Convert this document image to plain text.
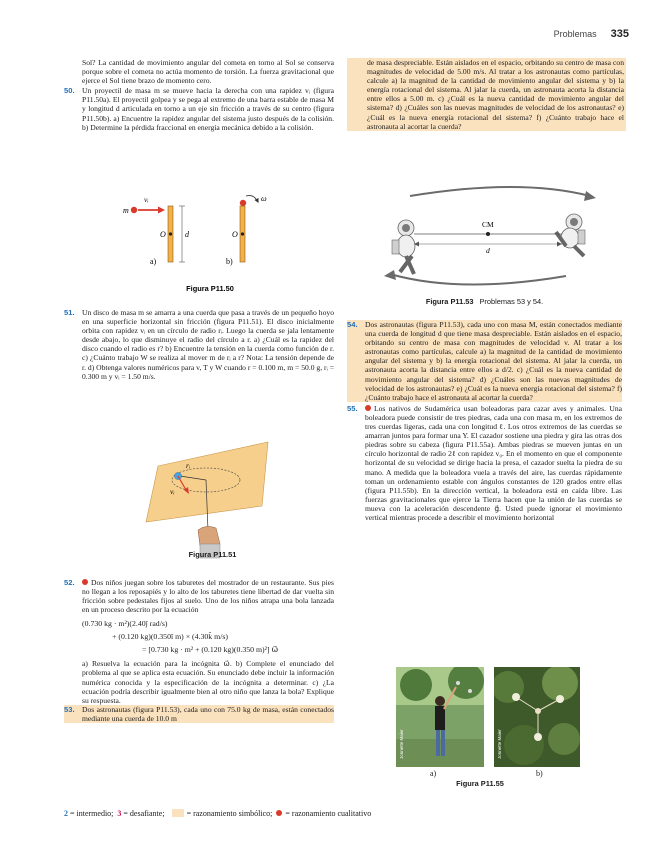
Problemas 335
Sol? La cantidad de movimiento angular del cometa en torno al Sol se conserva porque sobre el cometa no actúa momento de torsión. La fuerza gravitacional que ejerce el Sol tiene brazo de momento cero.
50. Un proyectil de masa m se mueve hacia la derecha con una rapidez vᵢ (figura P11.50a). El proyectil golpea y se pega al extremo de una barra estable de masa M y longitud d articulada en torno a un eje sin fricción a través de su centro (figura P11.50b). a) Encuentre la rapidez angular del sistema justo después de la colisión. b) Determine la pérdida fraccional en energía mecánica debido a la colisión.
m
vᵢ
O d
a)
O
ω
b)
Figura P11.50
51. Un disco de masa m se amarra a una cuerda que pasa a través de un pequeño hoyo en una superficie horizontal sin fricción (figura P11.51). El disco inicialmente orbita con rapidez vᵢ en un círculo de radio rᵢ. Luego la cuerda se jala lentamente desde abajo, lo que disminuye el radio del círculo a r. a) ¿Cuál es la rapidez del disco cuando el radio es r? b) Encuentre la tensión en la cuerda como función de r. c) ¿Cuánto trabajo W se realiza al mover m de rᵢ a r? Nota: La tensión depende de r. d) Obtenga valores numéricos para v, T y W cuando r = 0.100 m, m = 50.0 g, rᵢ = 0.300 m y vᵢ = 1.50 m/s.
rᵢ
vᵢ
Figura P11.51
52. Dos niños juegan sobre los taburetes del mostrador de un restaurante. Sus pies no llegan a los reposapiés y lo alto de los taburetes tiene libertad de dar vuelta sin fricción sobre pedestales fijos al suelo. Uno de los niños atrapa una bola lanzada en un proceso descrito por la ecuación
(0.730 kg · m²)(2.40ĵ rad/s)
+ (0.120 kg)(0.350î m) × (4.30k̂ m/s)
= [0.730 kg · m² + (0.120 kg)(0.350 m)²] ω⃗
a) Resuelva la ecuación para la incógnita ω⃗. b) Complete el enunciado del problema al que se aplica esta ecuación. Su enunciado debe incluir la información numérica conocida y la especificación de la incógnita a determinar. c) ¿La ecuación podría describir igualmente bien al otro niño que lanza la bola? Explique su respuesta.
53. Dos astronautas (figura P11.53), cada uno con 75.0 kg de masa, están conectados mediante una cuerda de 10.0 m
de masa despreciable. Están aislados en el espacio, orbitando su centro de masa con magnitudes de velocidad de 5.00 m/s. Al tratar a los astronautas como partículas, calcule a) la magnitud de la cantidad de movimiento angular del sistema y b) la energía rotacional del sistema. Al jalar la cuerda, un astronauta acorta la distancia entre ellos a 5.00 m. c) ¿Cuál es la nueva cantidad de movimiento angular del sistema? d) ¿Cuáles son las nuevas magnitudes de velocidad de los astronautas? e) ¿Cuál es la nueva energía rotacional del sistema? f) ¿Cuánto trabajo hace el astronauta al acortar la cuerda?
CM
d
Figura P11.53 Problemas 53 y 54.
54. Dos astronautas (figura P11.53), cada uno con masa M, están conectados mediante una cuerda de longitud d que tiene masa despreciable. Están aislados en el espacio, orbitando su centro de masa con magnitudes de velocidad v. Al tratar a los astronautas como partículas, calcule a) la magnitud de la cantidad de movimiento angular del sistema y b) la energía rotacional del sistema. Al jalar la cuerda, un astronauta acorta la distancia entre ellos a d/2. c) ¿Cuál es la nueva cantidad de movimiento angular del sistema? d) ¿Cuáles son las nuevas magnitudes de velocidad de los astronautas? e) ¿Cuál es la nueva energía rotacional del sistema? f) ¿Cuánto trabajo hace el astronauta al acortar la cuerda?
55. Los nativos de Sudamérica usan boleadoras para cazar aves y animales. Una boleadora puede consistir de tres piedras, cada una con masa m, en los extremos de tres cuerdas ligeras, cada una con longitud ℓ. Los otros extremos de las cuerdas se amarran juntos para formar una Y. El cazador sostiene una piedra y gira las otras dos piedras sobre su cabeza (figura P11.55a). Ambas piedras se mueven juntas en un círculo horizontal de radio 2ℓ con rapidez v₀. En el momento en que el componente horizontal de su velocidad se dirige hacia la presa, el cazador suelta la piedra de su mano. A medida que la boleadora vuela a través del aire, las cuerdas rápidamente toman un ordenamiento estable con ángulos constantes de 120 grados entre ellas (figura P11.55b). En la dirección vertical, la boleadora está en caída libre. Las fuerzas gravitacionales que ejerce la Tierra hacen que la unión de las cuerdas se mueva con la aceleración descendente g⃗. Usted puede ignorar el movimiento vertical mientras procede a describir el movimiento horizontal
Jonnette Maier	Jonnette Maier
a)	b)
Figura P11.55
2 = intermedio; 3 = desafiante;	= razonamiento simbólico; = razonamiento cualitativo
